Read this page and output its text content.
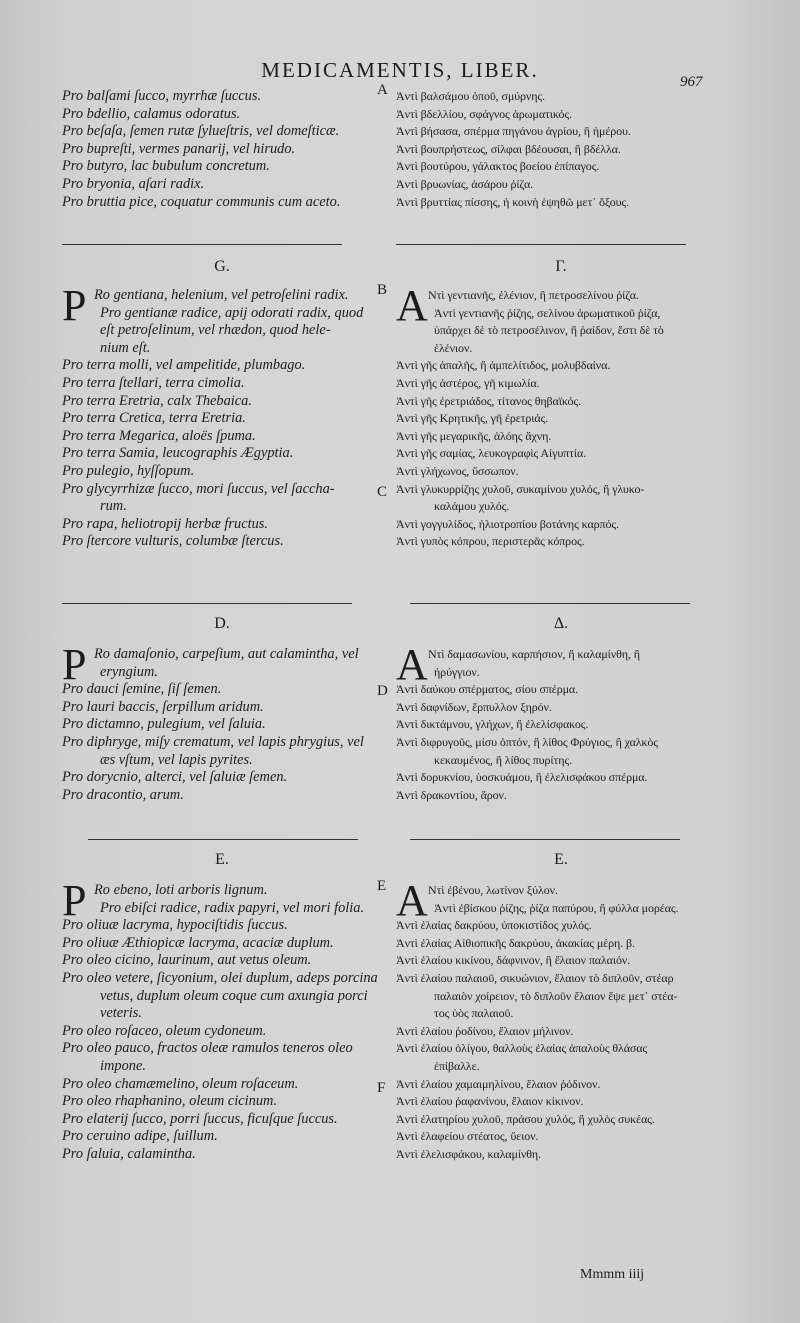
MEDICAMENTIS, LIBER.	967
A
B
C
D
E
F
Pro balſami ſucco, myrrhæ ſuccus.
Pro bdellio, calamus odoratus.
Pro beſaſa, ſemen rutæ ſylueſtris, vel domeſticæ.
Pro bupreſti, vermes panarij, vel hirudo.
Pro butyro, lac bubulum concretum.
Pro bryonia, aſari radix.
Pro bruttia pice, coquatur communis cum aceto.
Ἀντὶ βαλσάμου ὀποῦ, σμύρνης.
Ἀντὶ βδελλίου, σφάγνος ἀρωματικός.
Ἀντὶ βήσασα, σπέρμα πηγάνου ἀγρίου, ἢ ἡμέρου.
Ἀντὶ βουπρήστεως, σίλφαι βδέουσαι, ἢ βδέλλα.
Ἀντὶ βουτύρου, γάλακτος βοείου ἐπίπαγος.
Ἀντὶ βρυωνίας, ἀσάρου ῥίζα.
Ἀντὶ βρυττίας πίσσης, ἡ κοινὴ ἑψηθῶ μετ᾽ ὄξους.
G.
P Ro gentiana, helenium, vel petroſelini radix.
Pro gentianæ radice, apij odorati radix, quod
eſt petroſelinum, vel rhædon, quod hele-
nium eſt.
Pro terra molli, vel ampelitide, plumbago.
Pro terra ſtellari, terra cimolia.
Pro terra Eretria, calx Thebaica.
Pro terra Cretica, terra Eretria.
Pro terra Megarica, aloës ſpuma.
Pro terra Samia, leucographis Ægyptia.
Pro pulegio, hyſſopum.
Pro glycyrrhizæ ſucco, mori ſuccus, vel ſaccha-
rum.
Pro rapa, heliotropij herbæ fructus.
Pro ſtercore vulturis, columbæ ſtercus.
Γ.
A Ντὶ γεντιανῆς, ἑλένιον, ἢ πετροσελίνου ῥίζα.
Ἀντὶ γεντιανῆς ῥίζης, σελίνου ἀρωματικοῦ ῥίζα,
ὑπάρχει δὲ τὸ πετροσέλινον, ἢ ῥαίδον, ἔστι δὲ τὸ
ἑλένιον.
Ἀντὶ γῆς ἁπαλῆς, ἢ ἀμπελίτιδος, μολυβδαίνα.
Ἀντὶ γῆς ἀστέρος, γῆ κιμωλία.
Ἀντὶ γῆς ἐρετριάδος, τίτανος θηβαϊκός.
Ἀντὶ γῆς Κρητικῆς, γῆ ἐρετριάς.
Ἀντὶ γῆς μεγαρικῆς, ἀλόης ἄχνη.
Ἀντὶ γῆς σαμίας, λευκογραφὶς Αἰγυπτία.
Ἀντὶ γλήχωνος, ὕσσωπον.
Ἀντὶ γλυκυρρίζης χυλοῦ, συκαμίνου χυλός, ἢ γλυκο-
καλάμου χυλός.
Ἀντὶ γογγυλίδος, ἡλιοτροπίου βοτάνης καρπός.
Ἀντὶ γυπὸς κόπρου, περιστερᾶς κόπρος.
D.
P Ro damaſonio, carpeſium, aut calamintha, vel
eryngium.
Pro dauci ſemine, ſiſ ſemen.
Pro lauri baccis, ſerpillum aridum.
Pro dictamno, pulegium, vel ſaluia.
Pro diphryge, miſy crematum, vel lapis phrygius, vel
æs vſtum, vel lapis pyrites.
Pro dorycnio, alterci, vel ſaluiæ ſemen.
Pro dracontio, arum.
Δ.
A Ντὶ δαμασωνίου, καρπήσιον, ἢ καλαμίνθη, ἢ
ἠρύγγιον.
Ἀντὶ δαύκου σπέρματος, σίου σπέρμα.
Ἀντὶ δαφνίδων, ἕρπυλλον ξηρόν.
Ἀντὶ δικτάμνου, γλήχων, ἢ ἐλελίσφακος.
Ἀντὶ διφρυγοῦς, μίσυ ὀπτόν, ἢ λίθος Φρύγιος, ἢ χαλκὸς
κεκαυμένος, ἢ λίθος πυρίτης.
Ἀντὶ δορυκνίου, ὑοσκυάμου, ἢ ἐλελισφάκου σπέρμα.
Ἀντὶ δρακοντίου, ἄρον.
E.
P Ro ebeno, loti arboris lignum.
Pro ebiſci radice, radix papyri, vel mori folia.
Pro oliuæ lacryma, hypociſtidis ſuccus.
Pro oliuæ Æthiopicæ lacryma, acaciæ duplum.
Pro oleo cicino, laurinum, aut vetus oleum.
Pro oleo vetere, ſicyonium, olei duplum, adeps porcina
vetus, duplum oleum coque cum axungia porci
veteris.
Pro oleo roſaceo, oleum cydoneum.
Pro oleo pauco, fractos oleæ ramulos teneros oleo
impone.
Pro oleo chamæmelino, oleum roſaceum.
Pro oleo rhaphanino, oleum cicinum.
Pro elaterij ſucco, porri ſuccus, ficuſque ſuccus.
Pro ceruino adipe, ſuillum.
Pro ſaluia, calamintha.
E.
A Ντὶ ἐβένου, λωτίνον ξύλον.
Ἀντὶ ἐβίσκου ῥίζης, ῥίζα παπύρου, ἢ φύλλα μορέας.
Ἀντὶ ἐλαίας δακρύου, ὑποκιστίδος χυλός.
Ἀντὶ ἐλαίας Αἰθιοπικῆς δακρύου, ἀκακίας μέρη. β.
Ἀντὶ ἐλαίου κικίνου, δάφνινον, ἢ ἔλαιον παλαιόν.
Ἀντὶ ἐλαίου παλαιοῦ, σικυώνιον, ἔλαιον τὸ διπλοῦν, στέαρ
παλαιὸν χοίρειον, τὸ διπλοῦν ἔλαιον ἕψε μετ᾽ στέα-
τος ὑὸς παλαιοῦ.
Ἀντὶ ἐλαίου ῥοδίνου, ἔλαιον μήλινον.
Ἀντὶ ἐλαίου ὀλίγου, θαλλοὺς ἐλαίας ἁπαλοὺς θλάσας
ἐπίβαλλε.
Ἀντὶ ἐλαίου χαμαιμηλίνου, ἔλαιον ῥόδινον.
Ἀντὶ ἐλαίου ῥαφανίνου, ἔλαιον κίκινον.
Ἀντὶ ἐλατηρίου χυλοῦ, πράσου χυλός, ἢ χυλὸς συκέας.
Ἀντὶ ἐλαφείου στέατος, ὕειον.
Ἀντὶ ἐλελισφάκου, καλαμίνθη.
Mmmm iiij
